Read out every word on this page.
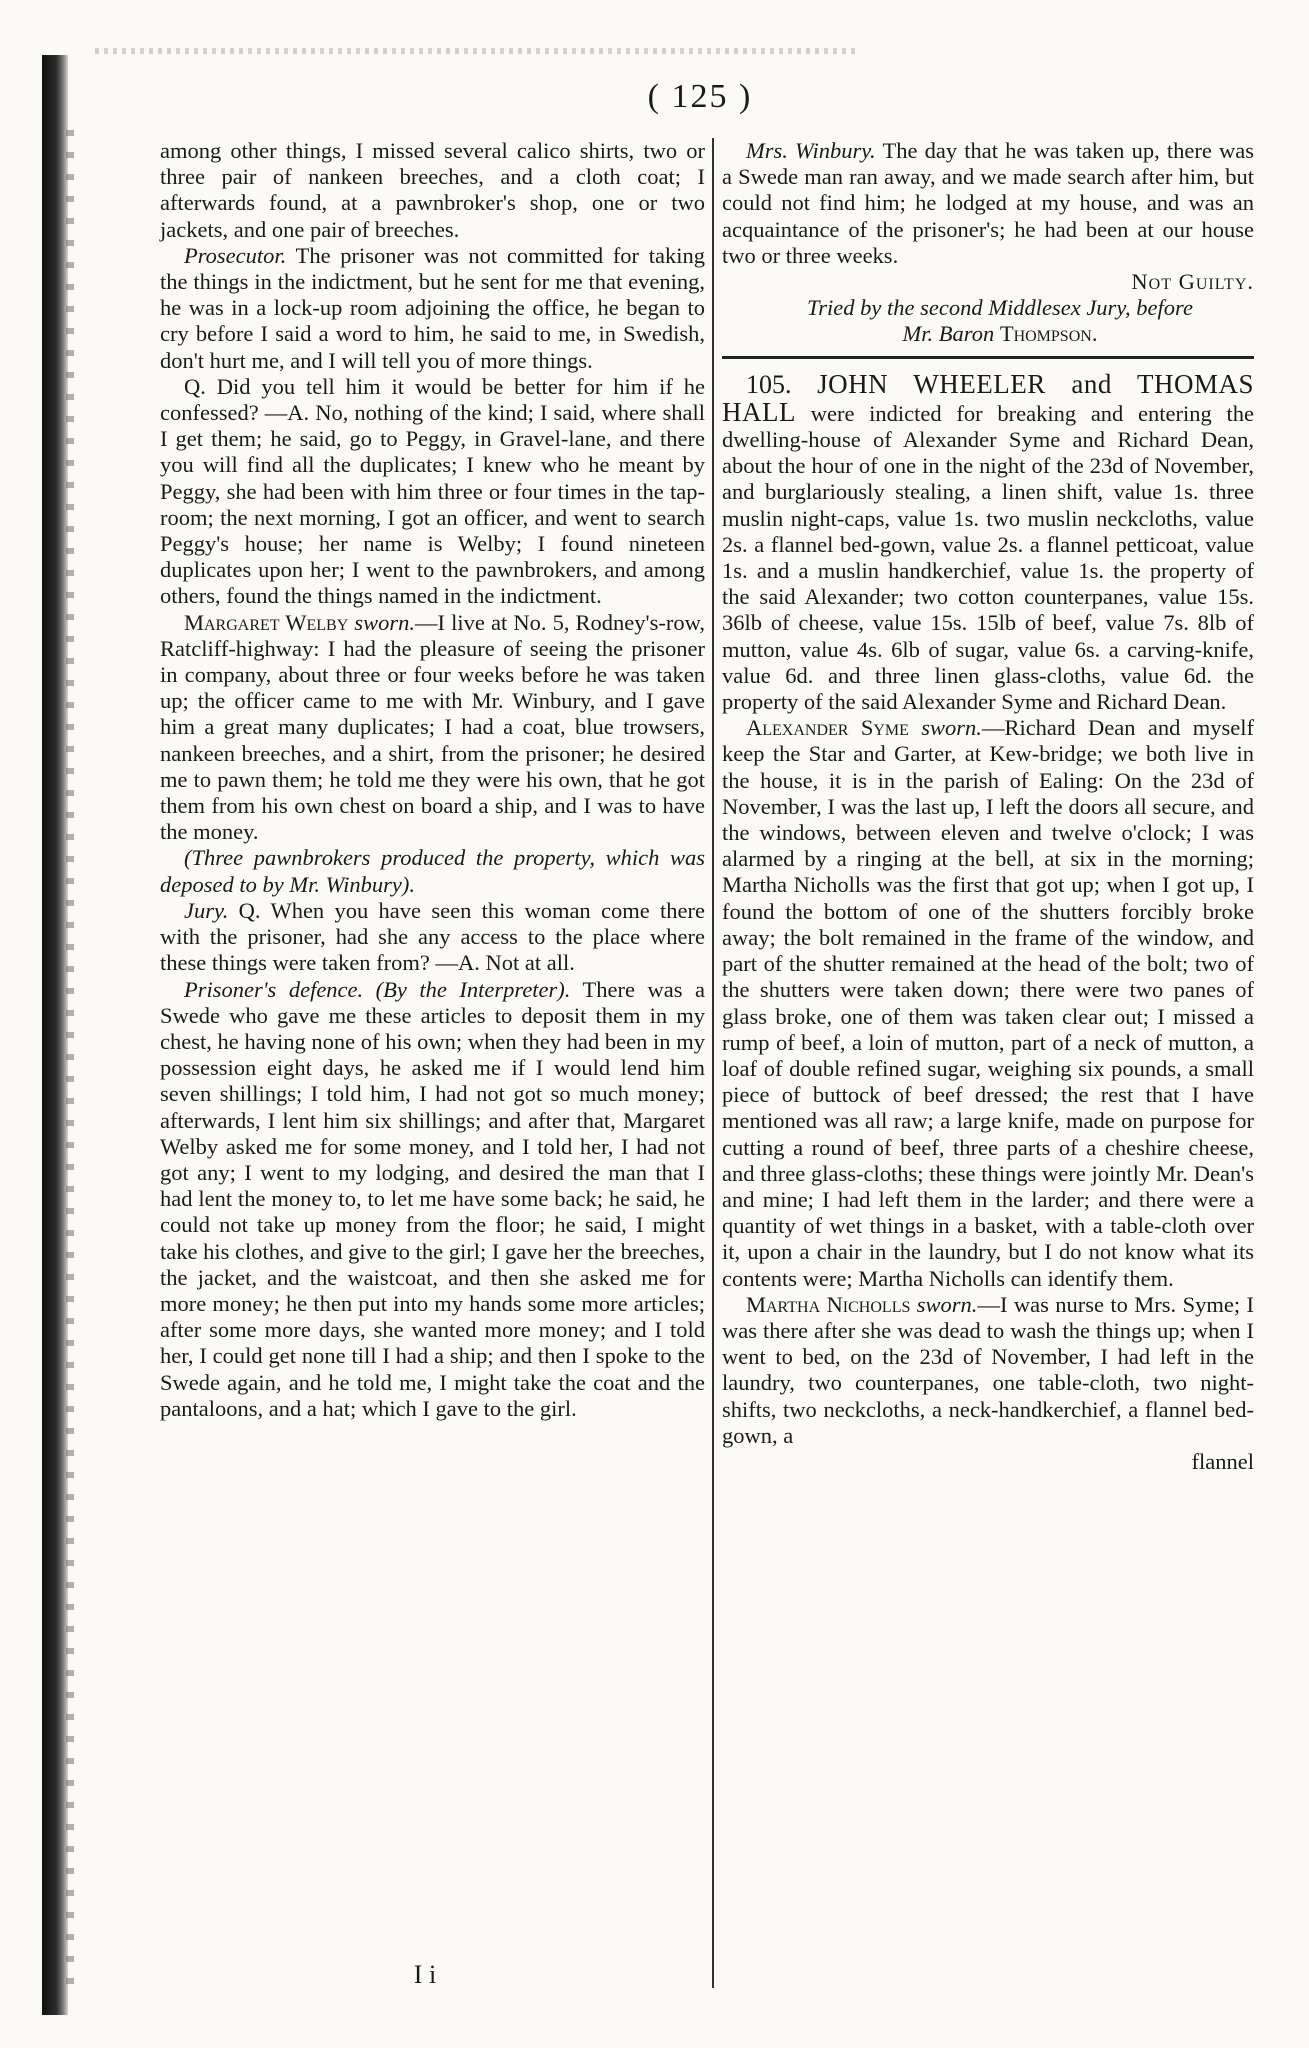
( 125 )

among other things, I missed several calico shirts, two or three pair of nankeen breeches, and a cloth coat; I afterwards found, at a pawnbroker's shop, one or two jackets, and one pair of breeches.

Prosecutor. The prisoner was not committed for taking the things in the indictment, but he sent for me that evening, he was in a lock-up room adjoining the office, he began to cry before I said a word to him, he said to me, in Swedish, don't hurt me, and I will tell you of more things.

Q. Did you tell him it would be better for him if he confessed? —A. No, nothing of the kind; I said, where shall I get them; he said, go to Peggy, in Gravel-lane, and there you will find all the duplicates; I knew who he meant by Peggy, she had been with him three or four times in the tap-room; the next morning, I got an officer, and went to search Peggy's house; her name is Welby; I found nineteen duplicates upon her; I went to the pawnbrokers, and among others, found the things named in the indictment.

Margaret Welby sworn.—I live at No. 5, Rodney's-row, Ratcliff-highway: I had the pleasure of seeing the prisoner in company, about three or four weeks before he was taken up; the officer came to me with Mr. Winbury, and I gave him a great many duplicates; I had a coat, blue trowsers, nankeen breeches, and a shirt, from the prisoner; he desired me to pawn them; he told me they were his own, that he got them from his own chest on board a ship, and I was to have the money.

(Three pawnbrokers produced the property, which was deposed to by Mr. Winbury).

Jury. Q. When you have seen this woman come there with the prisoner, had she any access to the place where these things were taken from? —A. Not at all.

Prisoner's defence. (By the Interpreter). There was a Swede who gave me these articles to deposit them in my chest, he having none of his own; when they had been in my possession eight days, he asked me if I would lend him seven shillings; I told him, I had not got so much money; afterwards, I lent him six shillings; and after that, Margaret Welby asked me for some money, and I told her, I had not got any; I went to my lodging, and desired the man that I had lent the money to, to let me have some back; he said, he could not take up money from the floor; he said, I might take his clothes, and give to the girl; I gave her the breeches, the jacket, and the waistcoat, and then she asked me for more money; he then put into my hands some more articles; after some more days, she wanted more money; and I told her, I could get none till I had a ship; and then I spoke to the Swede again, and he told me, I might take the coat and the pantaloons, and a hat; which I gave to the girl.

Mrs. Winbury. The day that he was taken up, there was a Swede man ran away, and we made search after him, but could not find him; he lodged at my house, and was an acquaintance of the prisoner's; he had been at our house two or three weeks.

Not Guilty.

Tried by the second Middlesex Jury, before

Mr. Baron Thompson.

105. JOHN WHEELER and THOMAS HALL were indicted for breaking and entering the dwelling-house of Alexander Syme and Richard Dean, about the hour of one in the night of the 23d of November, and burglariously stealing, a linen shift, value 1s. three muslin night-caps, value 1s. two muslin neckcloths, value 2s. a flannel bed-gown, value 2s. a flannel petticoat, value 1s. and a muslin handkerchief, value 1s. the property of the said Alexander; two cotton counterpanes, value 15s. 36lb of cheese, value 15s. 15lb of beef, value 7s. 8lb of mutton, value 4s. 6lb of sugar, value 6s. a carving-knife, value 6d. and three linen glass-cloths, value 6d. the property of the said Alexander Syme and Richard Dean.

Alexander Syme sworn.—Richard Dean and myself keep the Star and Garter, at Kew-bridge; we both live in the house, it is in the parish of Ealing: On the 23d of November, I was the last up, I left the doors all secure, and the windows, between eleven and twelve o'clock; I was alarmed by a ringing at the bell, at six in the morning; Martha Nicholls was the first that got up; when I got up, I found the bottom of one of the shutters forcibly broke away; the bolt remained in the frame of the window, and part of the shutter remained at the head of the bolt; two of the shutters were taken down; there were two panes of glass broke, one of them was taken clear out; I missed a rump of beef, a loin of mutton, part of a neck of mutton, a loaf of double refined sugar, weighing six pounds, a small piece of buttock of beef dressed; the rest that I have mentioned was all raw; a large knife, made on purpose for cutting a round of beef, three parts of a cheshire cheese, and three glass-cloths; these things were jointly Mr. Dean's and mine; I had left them in the larder; and there were a quantity of wet things in a basket, with a table-cloth over it, upon a chair in the laundry, but I do not know what its contents were; Martha Nicholls can identify them.

Martha Nicholls sworn.—I was nurse to Mrs. Syme; I was there after she was dead to wash the things up; when I went to bed, on the 23d of November, I had left in the laundry, two counterpanes, one table-cloth, two night-shifts, two neckcloths, a neck-handkerchief, a flannel bed-gown, a

flannel

I i
